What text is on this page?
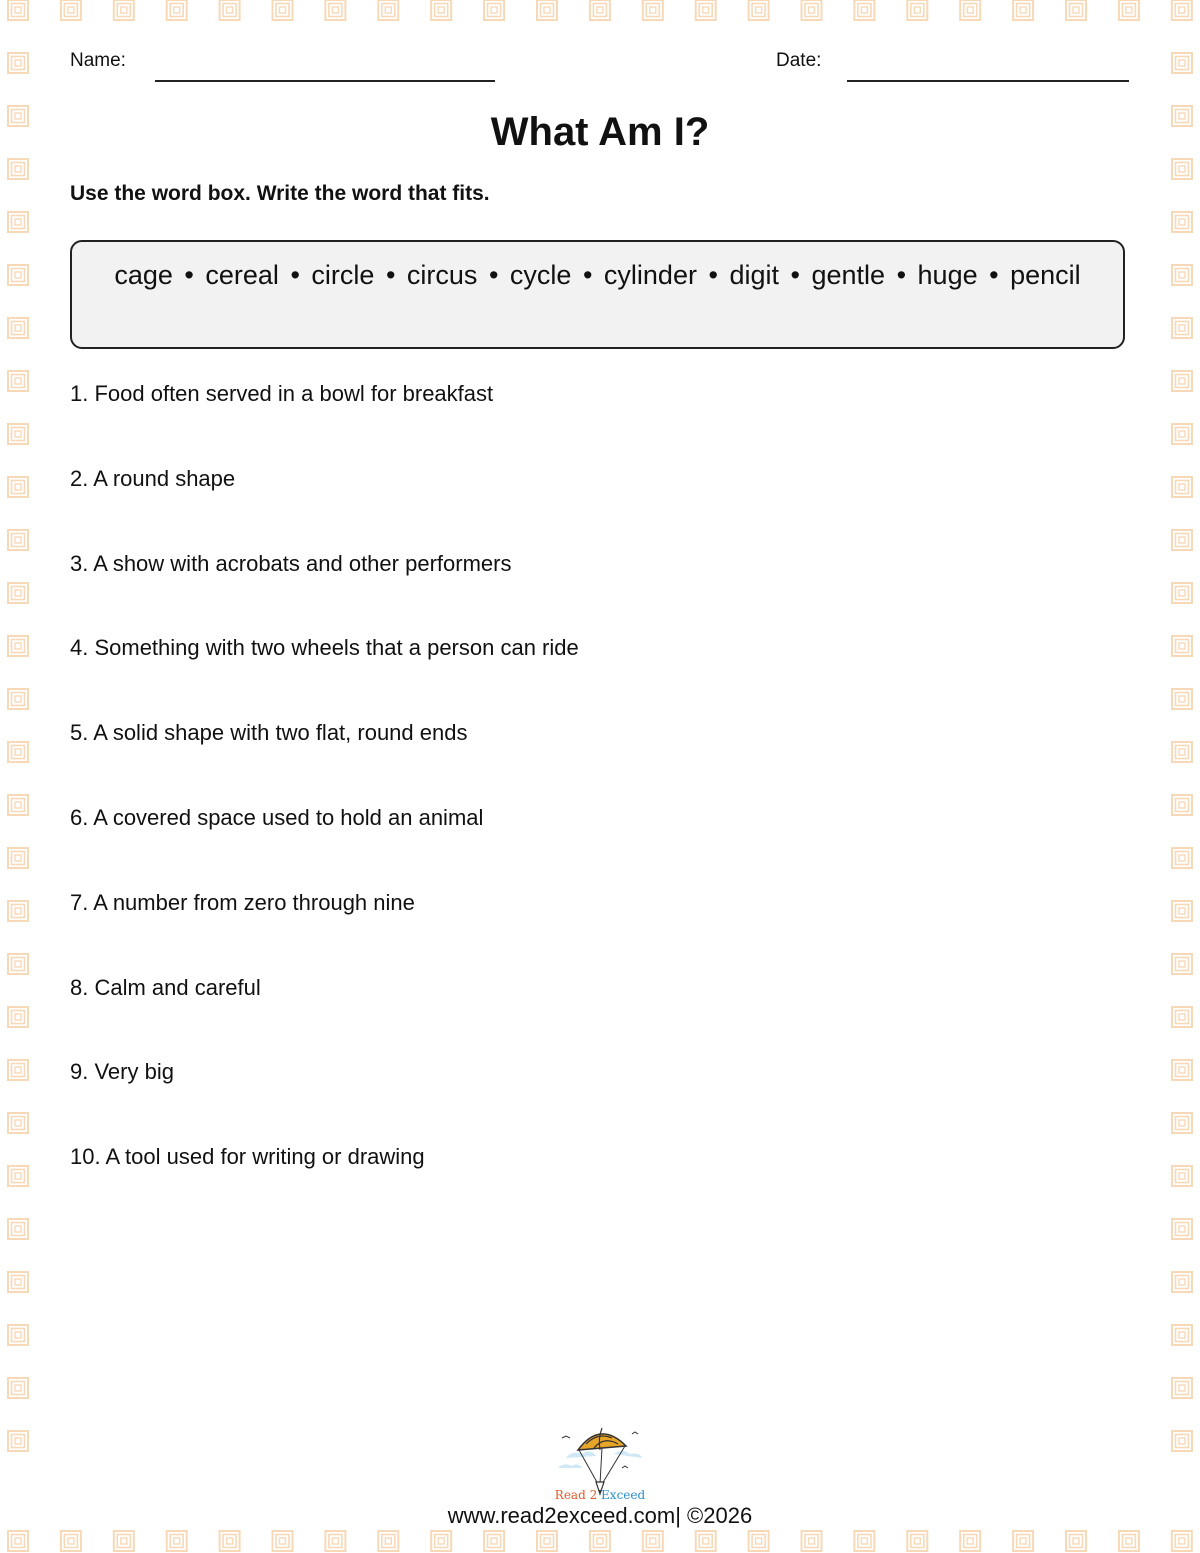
Name:	Date:
What Am I?
Use the word box. Write the word that fits.
cage • cereal • circle • circus • cycle • cylinder • digit • gentle • huge • pencil
1. Food often served in a bowl for breakfast
2. A round shape
3. A show with acrobats and other performers
4. Something with two wheels that a person can ride
5. A solid shape with two flat, round ends
6. A covered space used to hold an animal
7. A number from zero through nine
8. Calm and careful
9. Very big
10. A tool used for writing or drawing
Read 2 Exceed
www.read2exceed.com| ©2026
